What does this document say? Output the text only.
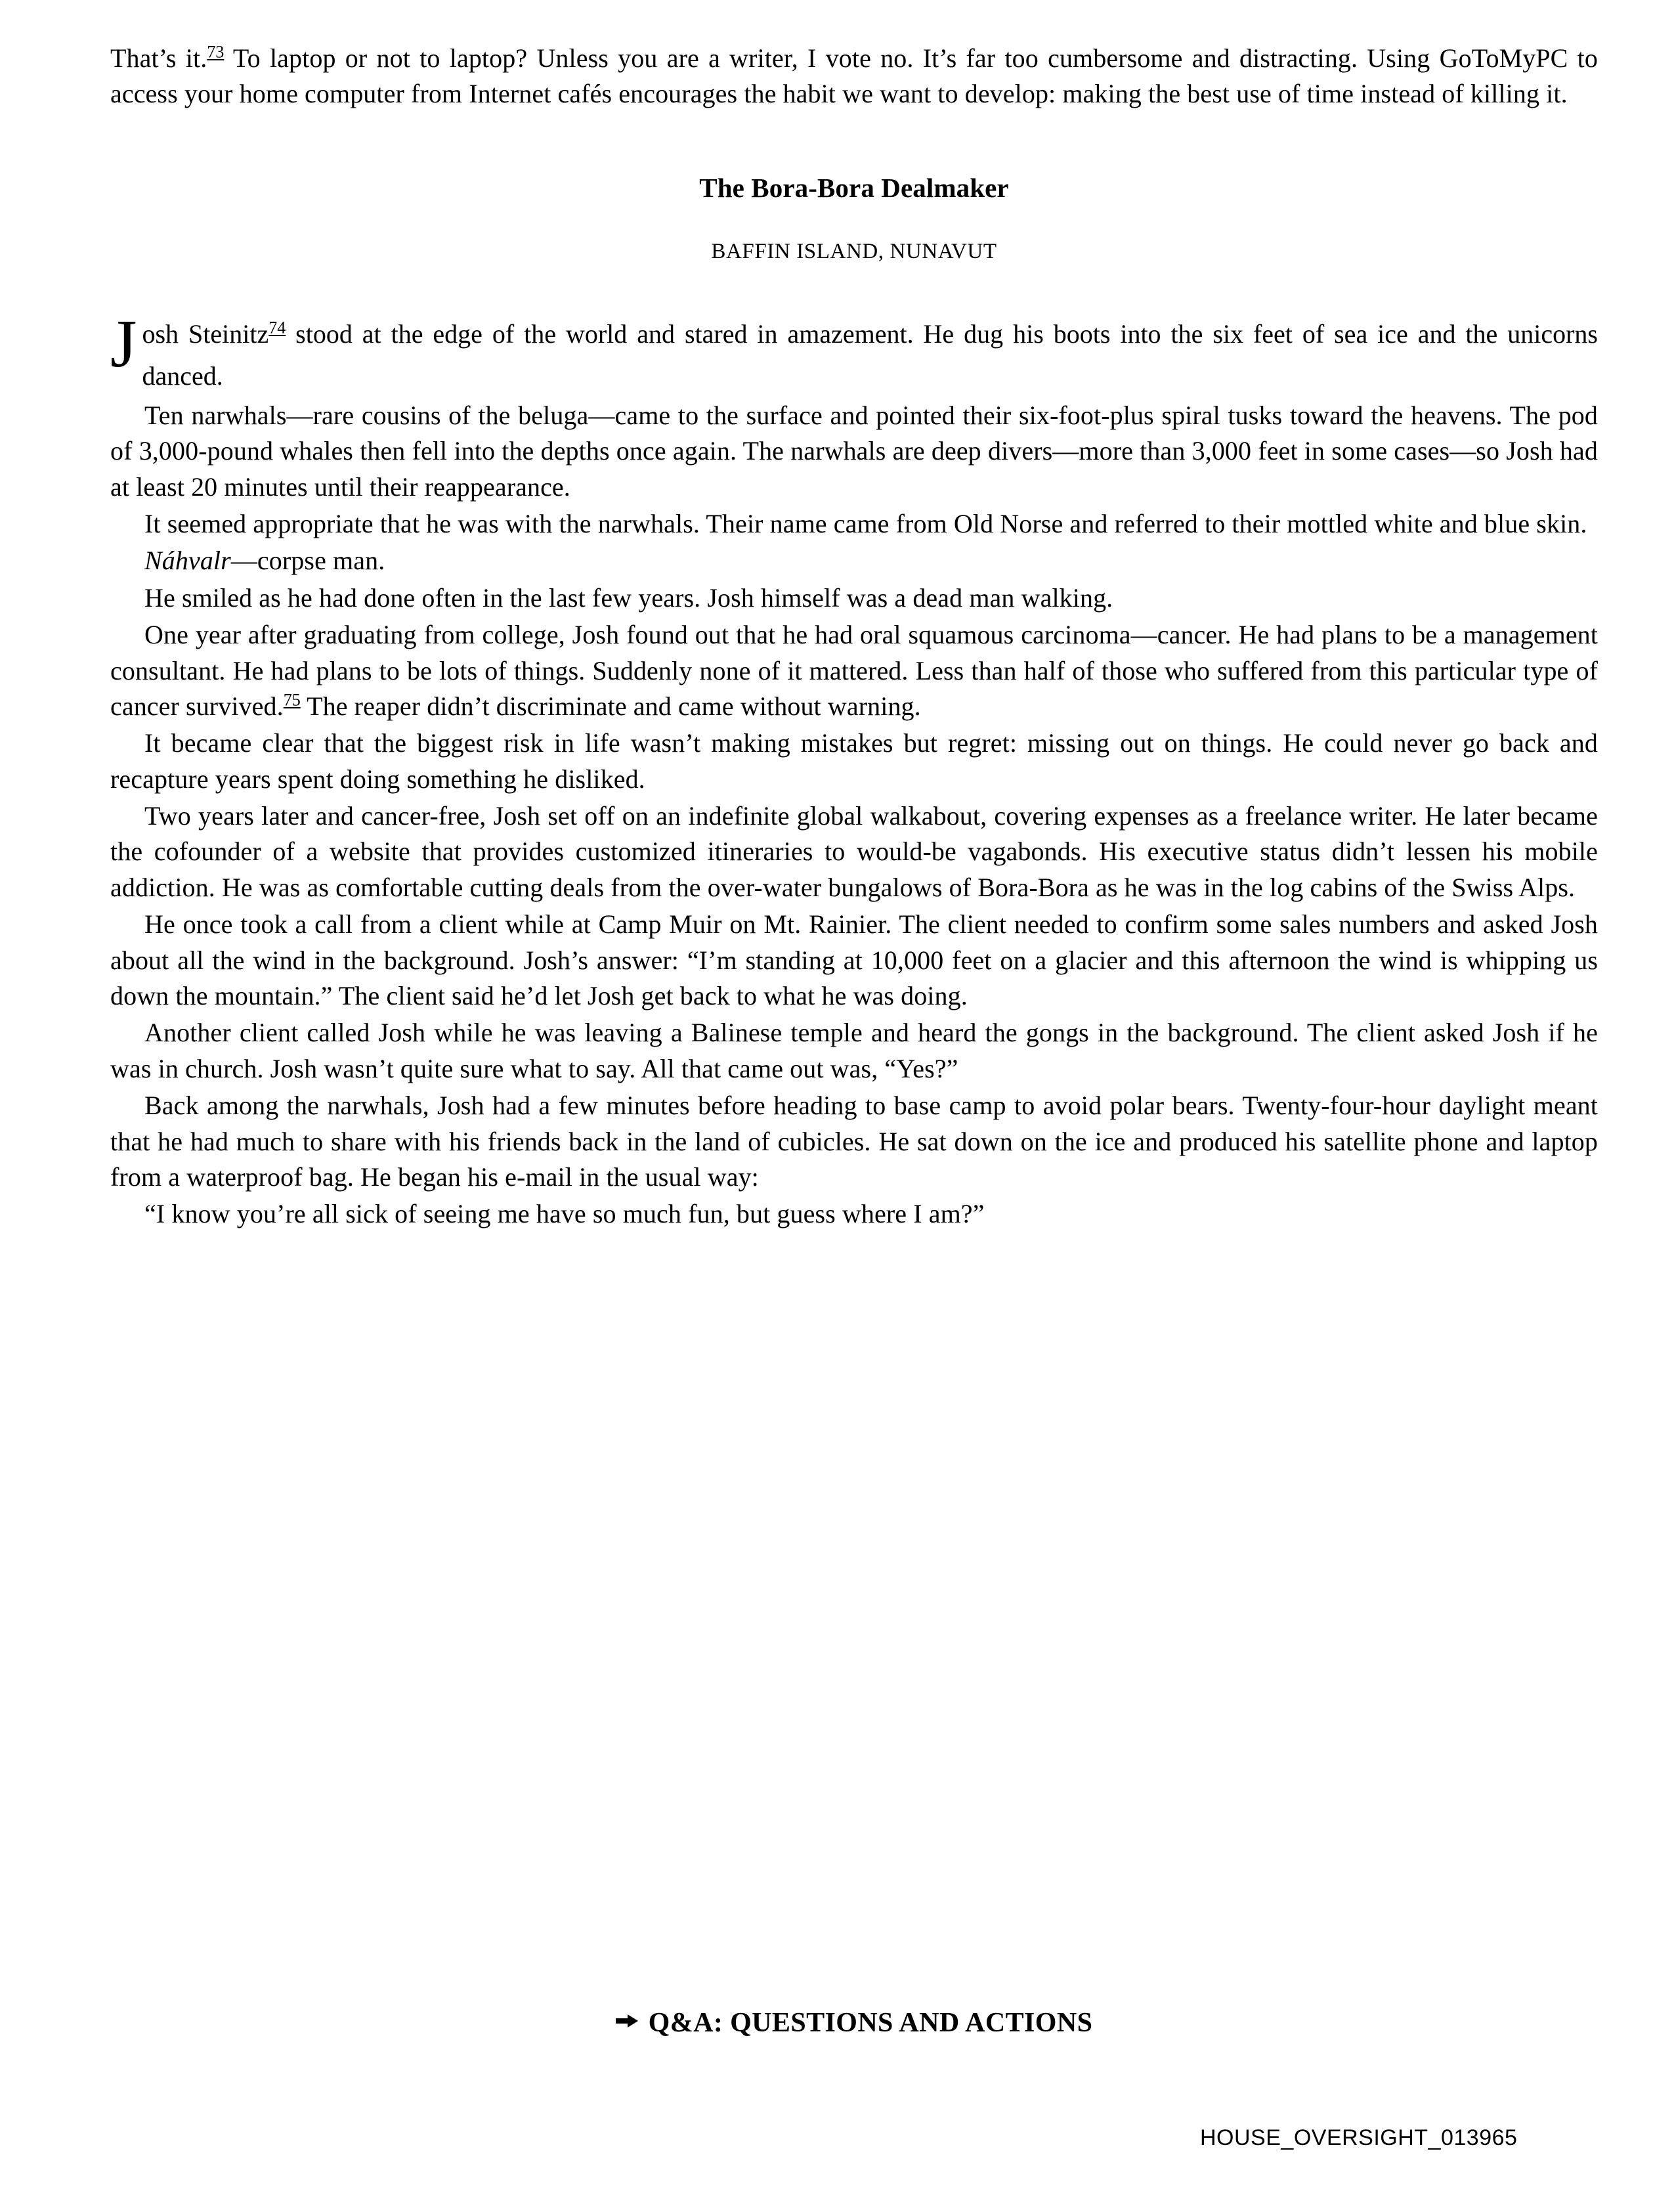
That’s it.$^{73}$ To laptop or not to laptop? Unless you are a writer, I vote no. It’s far too cumbersome and distracting. Using GoToMyPC to access your home computer from Internet cafés encourages the habit we want to develop: making the best use of time instead of killing it.

The Bora-Bora Dealmaker

BAFFIN ISLAND, NUNAVUT

Josh Steinitz$^{74}$ stood at the edge of the world and stared in amazement. He dug his boots into the six feet of sea ice and the unicorns danced.

Ten narwhals—rare cousins of the beluga—came to the surface and pointed their six-foot-plus spiral tusks toward the heavens. The pod of 3,000-pound whales then fell into the depths once again. The narwhals are deep divers—more than 3,000 feet in some cases—so Josh had at least 20 minutes until their reappearance.

It seemed appropriate that he was with the narwhals. Their name came from Old Norse and referred to their mottled white and blue skin.

Náhvalr—corpse man.

He smiled as he had done often in the last few years. Josh himself was a dead man walking.

One year after graduating from college, Josh found out that he had oral squamous carcinoma—cancer. He had plans to be a management consultant. He had plans to be lots of things. Suddenly none of it mattered. Less than half of those who suffered from this particular type of cancer survived.$^{75}$ The reaper didn’t discriminate and came without warning.

It became clear that the biggest risk in life wasn’t making mistakes but regret: missing out on things. He could never go back and recapture years spent doing something he disliked.

Two years later and cancer-free, Josh set off on an indefinite global walkabout, covering expenses as a freelance writer. He later became the cofounder of a website that provides customized itineraries to would-be vagabonds. His executive status didn’t lessen his mobile addiction. He was as comfortable cutting deals from the over-water bungalows of Bora-Bora as he was in the log cabins of the Swiss Alps.

He once took a call from a client while at Camp Muir on Mt. Rainier. The client needed to confirm some sales numbers and asked Josh about all the wind in the background. Josh’s answer: “I’m standing at 10,000 feet on a glacier and this afternoon the wind is whipping us down the mountain.” The client said he’d let Josh get back to what he was doing.

Another client called Josh while he was leaving a Balinese temple and heard the gongs in the background. The client asked Josh if he was in church. Josh wasn’t quite sure what to say. All that came out was, “Yes?”

Back among the narwhals, Josh had a few minutes before heading to base camp to avoid polar bears. Twenty-four-hour daylight meant that he had much to share with his friends back in the land of cubicles. He sat down on the ice and produced his satellite phone and laptop from a waterproof bag. He began his e-mail in the usual way:

“I know you’re all sick of seeing me have so much fun, but guess where I am?”

Q&A: QUESTIONS AND ACTIONS
HOUSE_OVERSIGHT_013965
